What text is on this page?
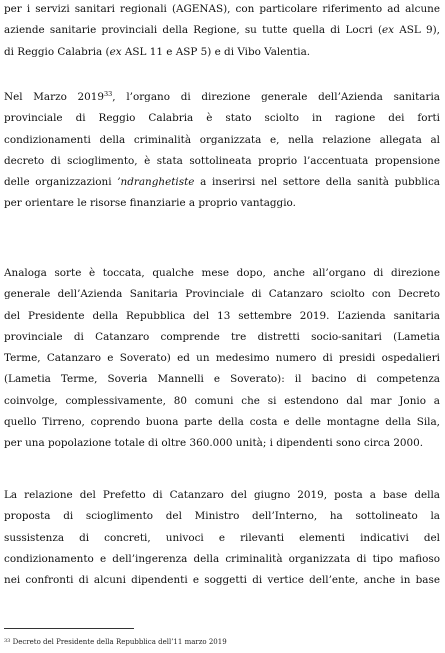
per i servizi sanitari regionali (AGENAS), con particolare riferimento ad alcune
aziende sanitarie provinciali della Regione, su tutte quella di Locri (ex ASL 9),
di Reggio Calabria (ex ASL 11 e ASP 5) e di Vibo Valentia.
Nel Marzo 2019$^{33}$, l’organo di direzione generale dell’Azienda sanitaria
provinciale di Reggio Calabria è stato sciolto in ragione dei forti
condizionamenti della criminalità organizzata e, nella relazione allegata al
decreto di scioglimento, è stata sottolineata proprio l’accentuata propensione
delle organizzazioni ’ndranghetiste a inserirsi nel settore della sanità pubblica
per orientare le risorse finanziarie a proprio vantaggio.
Analoga sorte è toccata, qualche mese dopo, anche all’organo di direzione
generale dell’Azienda Sanitaria Provinciale di Catanzaro sciolto con Decreto
del Presidente della Repubblica del 13 settembre 2019. L’azienda sanitaria
provinciale di Catanzaro comprende tre distretti socio-sanitari (Lametia
Terme, Catanzaro e Soverato) ed un medesimo numero di presidi ospedalieri
(Lametia Terme, Soveria Mannelli e Soverato): il bacino di competenza
coinvolge, complessivamente, 80 comuni che si estendono dal mar Jonio a
quello Tirreno, coprendo buona parte della costa e delle montagne della Sila,
per una popolazione totale di oltre 360.000 unità; i dipendenti sono circa 2000.
La relazione del Prefetto di Catanzaro del giugno 2019, posta a base della
proposta di scioglimento del Ministro dell’Interno, ha sottolineato la
sussistenza di concreti, univoci e rilevanti elementi indicativi del
condizionamento e dell’ingerenza della criminalità organizzata di tipo mafioso
nei confronti di alcuni dipendenti e soggetti di vertice dell’ente, anche in base
$^{33}$ Decreto del Presidente della Repubblica dell’11 marzo 2019
